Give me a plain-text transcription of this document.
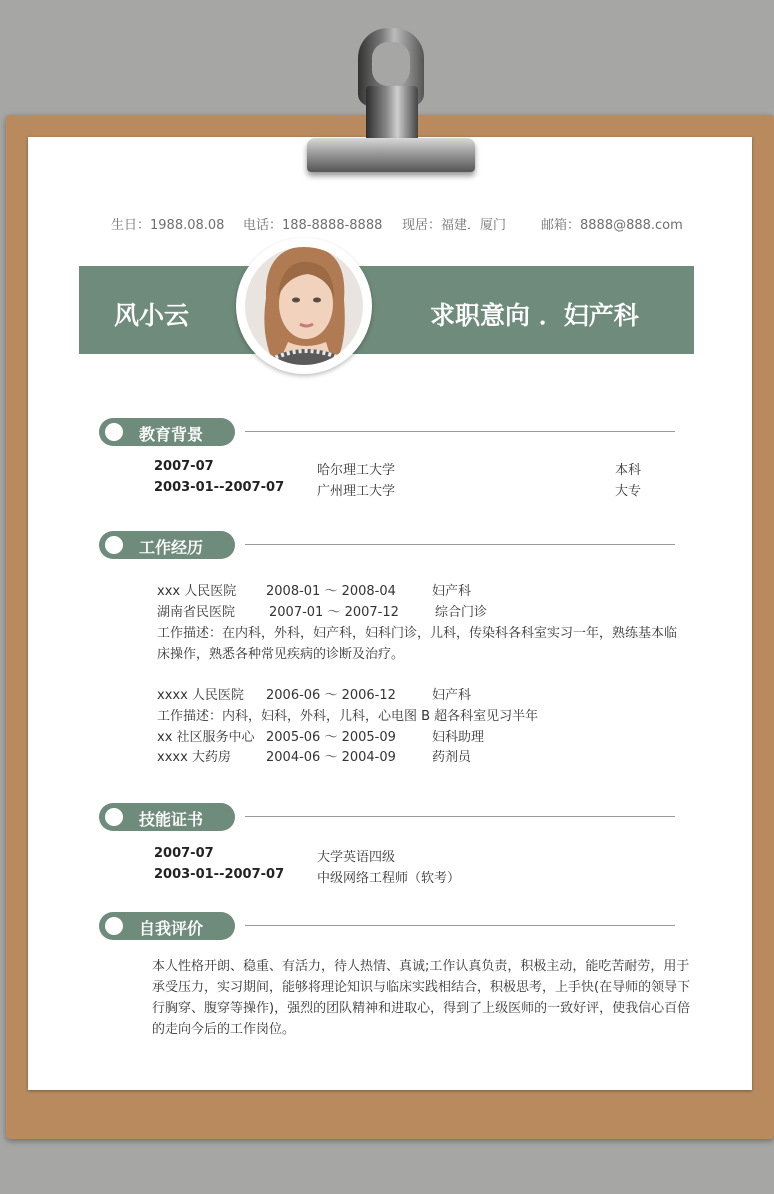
生日：1988.08.08 电话：188-8888-8888 现居：福建．厦门	邮箱：8888@888.com
风小云	求职意向 ．妇产科
教育背景
2007-07	哈尔理工大学	本科
2003-01--2007-07	广州理工大学	大专
工作经历
xxx 人民医院 2008-01 ～ 2008-04	妇产科
湖南省民医院	2007-01 ～ 2007-12	综合门诊
工作描述：在内科，外科，妇产科，妇科门诊，儿科，传染科各科室实习一年，熟练基本临
床操作，熟悉各种常见疾病的诊断及治疗。
xxxx 人民医院 2006-06 ～ 2006-12	妇产科
工作描述：内科，妇科，外科，儿科，心电图 B 超各科室见习半年
xx 社区服务中心 2005-06 ～ 2005-09	妇科助理
xxxx 大药房	2004-06 ～ 2004-09	药剂员
技能证书
2007-07	大学英语四级
2003-01--2007-07	中级网络工程师（软考）
自我评价
本人性格开朗、稳重、有活力，待人热情、真诚;工作认真负责，积极主动，能吃苦耐劳，用于
承受压力，实习期间，能够将理论知识与临床实践相结合，积极思考，上手快(在导师的领导下
行胸穿、腹穿等操作)，强烈的团队精神和进取心，得到了上级医师的一致好评，使我信心百倍
的走向今后的工作岗位。
